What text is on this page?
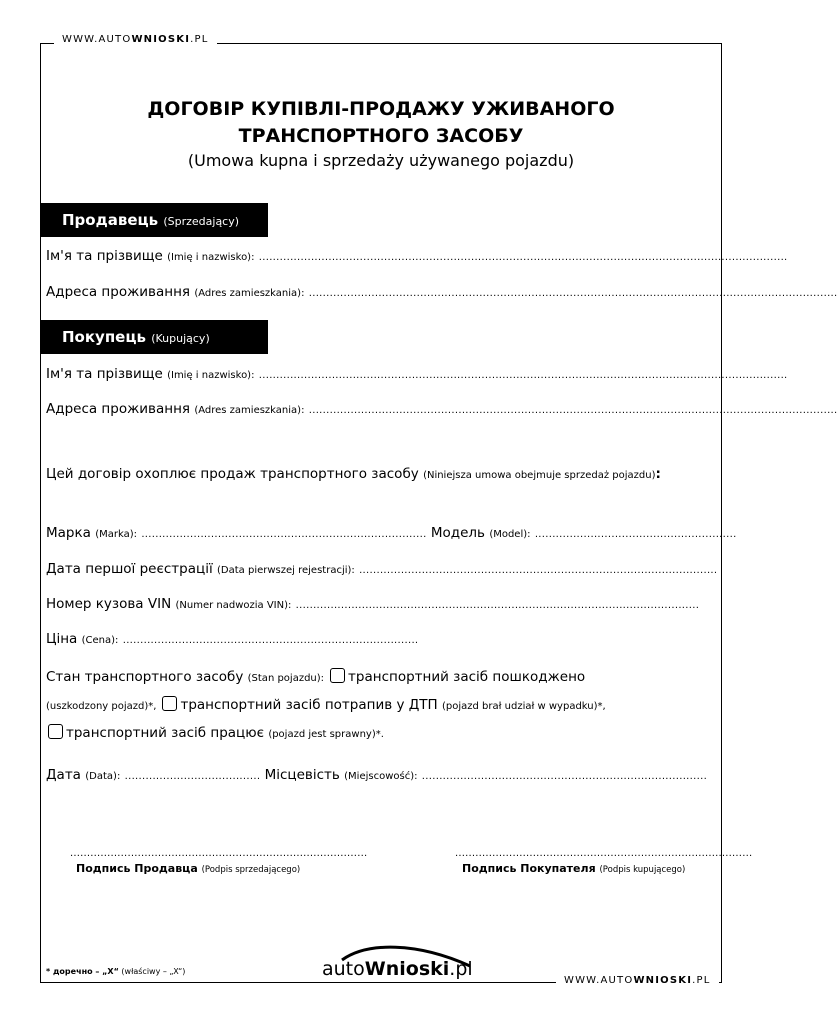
WWW.AUTOWNIOSKI.PL
ДОГОВІР КУПІВЛІ-ПРОДАЖУ УЖИВАНОГО
ТРАНСПОРТНОГО ЗАСОБУ
(Umowa kupna i sprzedaży używanego pojazdu)
Продавець (Sprzedający)
Ім'я та прізвище (Imię i nazwisko): ........................................................................................................................................................
Адреса проживання (Adres zamieszkania): ........................................................................................................................................................
Покупець (Kupujący)
Ім'я та прізвище (Imię i nazwisko): ........................................................................................................................................................
Адреса проживання (Adres zamieszkania): ........................................................................................................................................................
Цей договір охоплює продаж транспортного засобу (Niniejsza umowa obejmuje sprzedaż pojazdu):
Марка (Marka): .................................................................................. Модель (Model): ..........................................................
Дата першої реєстрації (Data pierwszej rejestracji): .......................................................................................................
Номер кузова VIN (Numer nadwozia VIN): ....................................................................................................................
Ціна (Cena): .....................................................................................
Стан транспортного засобу (Stan pojazdu): транспортний засіб пошкоджено
(uszkodzony pojazd)*, транспортний засіб потрапив у ДТП (pojazd brał udział w wypadku)*,
транспортний засіб працює (pojazd jest sprawny)*.
Дата (Data): ....................................... Місцевість (Miejscowość): ..................................................................................
........................................................................................
Подпись Продавца (Podpis sprzedającego)
........................................................................................
Подпись Покупателя (Podpis kupującego)
* доречно – „Х“ (właściwy – „X“)	autoWnioski.pl
WWW.AUTOWNIOSKI.PL
